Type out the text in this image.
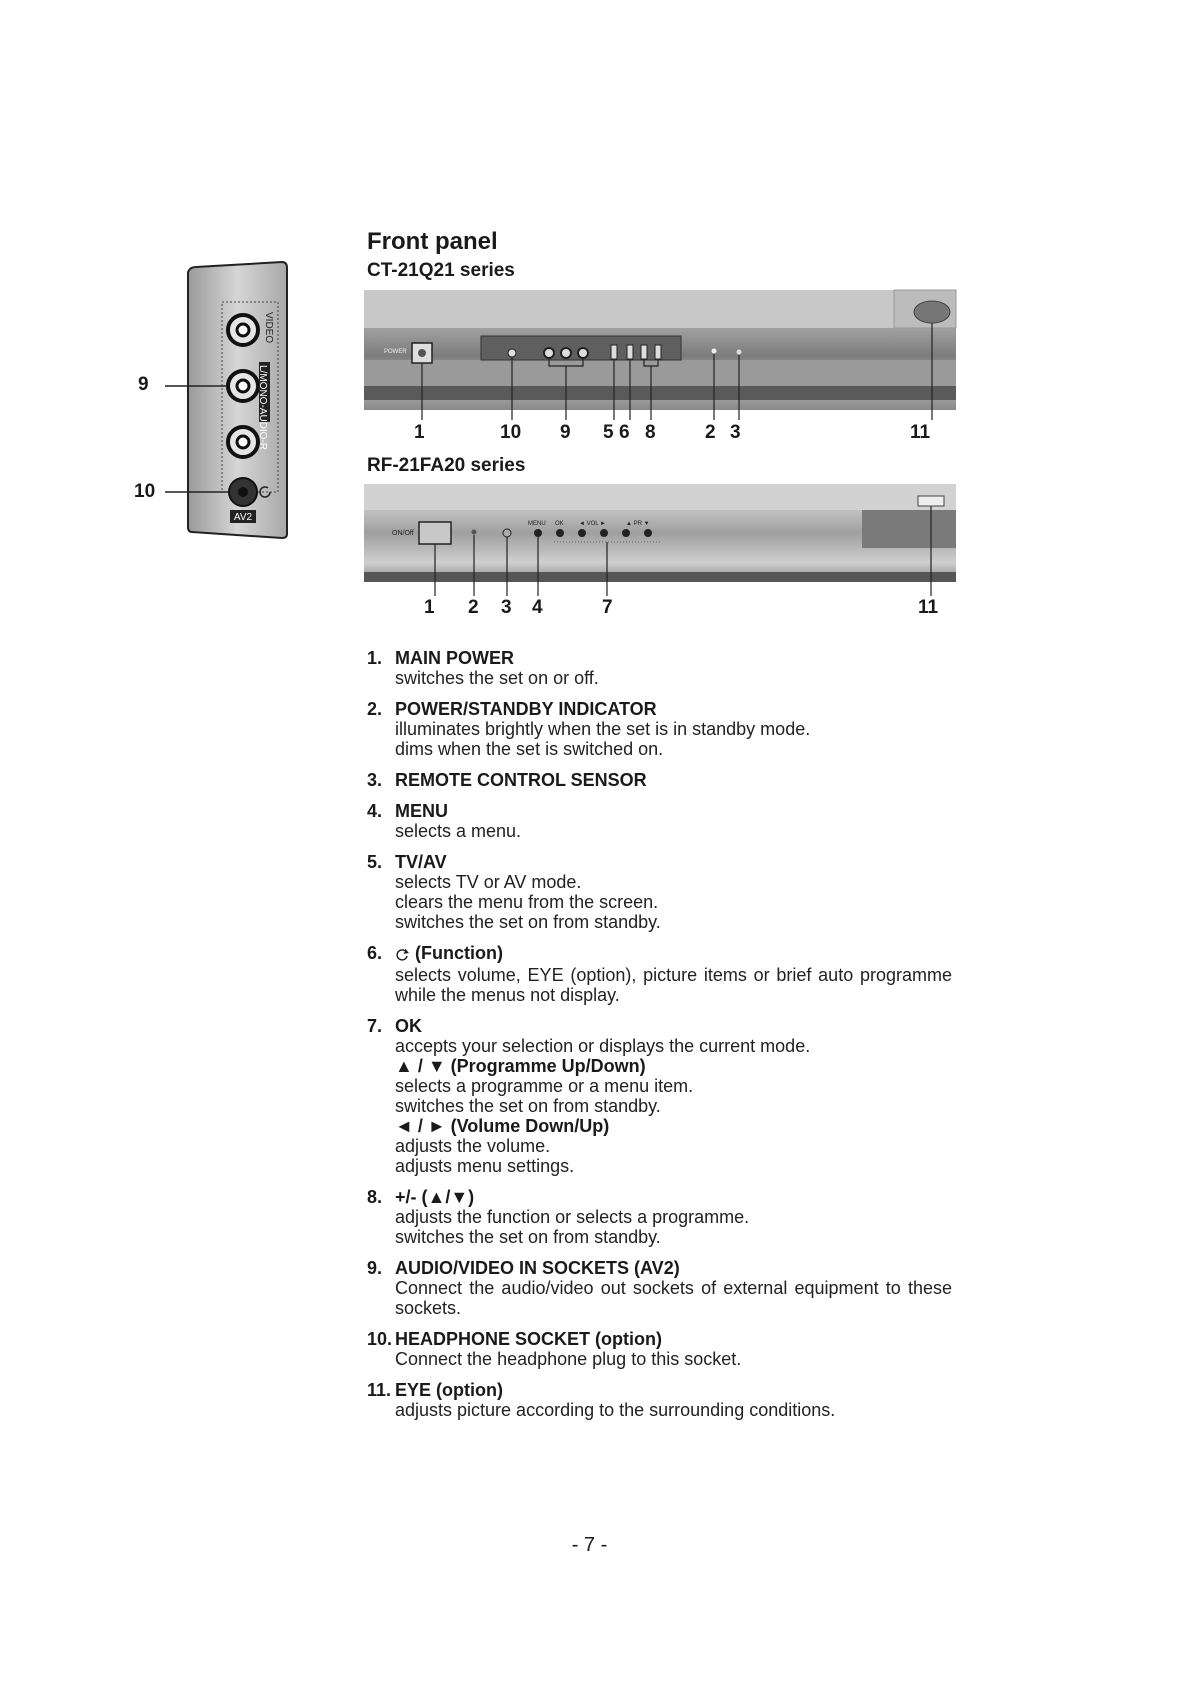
Front panel
CT-21Q21 series
RF-21FA20 series
VIDEO
L/MONO-AUDIO-R
AV2
9
10
POWER
1	10 9 5 6 8	2 3	11
ON/Off
MENU OK	◄ VOL ►	▲ PR ▼
1 2 3 4	7	11
1. MAIN POWER
switches the set on or off.
2. POWER/STANDBY INDICATOR
illuminates brightly when the set is in standby mode.
dims when the set is switched on.
3. REMOTE CONTROL SENSOR
4. MENU
selects a menu.
5. TV/AV
selects TV or AV mode.
clears the menu from the screen.
switches the set on from standby.
6.	(Function)
selects volume, EYE (option), picture items or brief auto programme while the menus not display.
7. OK
accepts your selection or displays the current mode.
▲ / ▼ (Programme Up/Down)
selects a programme or a menu item.
switches the set on from standby.
◄ / ► (Volume Down/Up)
adjusts the volume.
adjusts menu settings.
8. +/- (▲/▼)
adjusts the function or selects a programme.
switches the set on from standby.
9. AUDIO/VIDEO IN SOCKETS (AV2)
Connect the audio/video out sockets of external equipment to these sockets.
10. HEADPHONE SOCKET (option)
Connect the headphone plug to this socket.
11. EYE (option)
adjusts picture according to the surrounding conditions.
- 7 -
